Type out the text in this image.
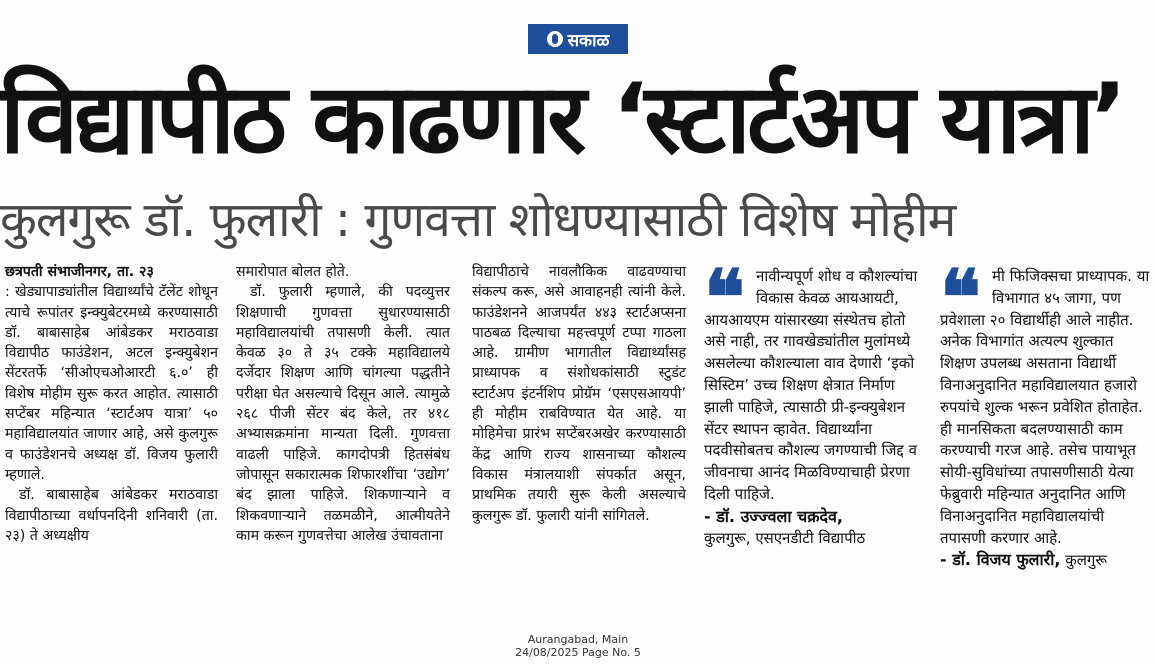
सकाळ
विद्यापीठ काढणार ‘स्टार्टअप यात्रा’
कुलगुरू डॉ. फुलारी : गुणवत्ता शोधण्यासाठी विशेष मोहीम

छत्रपती संभाजीनगर, ता. २३
: खेड्यापाड्यांतील विद्यार्थ्यांचे टॅलेंट शोधून त्याचे रूपांतर इन्क्युबेटरमध्ये करण्यासाठी डॉ. बाबासाहेब आंबेडकर मराठवाडा विद्यापीठ फाउंडेशन, अटल इन्क्युबेशन सेंटरतर्फे ‘सीओएचओआरटी ६.०’ ही विशेष मोहीम सुरू करत आहोत. त्यासाठी सप्टेंबर महिन्यात ‘स्टार्टअप यात्रा’ ५० महाविद्यालयांत जाणार आहे, असे कुलगुरू व फाउंडेशनचे अध्यक्ष डॉ. विजय फुलारी म्हणाले.

डॉ. बाबासाहेब आंबेडकर मराठवाडा विद्यापीठाच्या वर्धापनदिनी शनिवारी (ता. २३) ते अध्यक्षीय

समारोपात बोलत होते.

डॉ. फुलारी म्हणाले, की पदव्युत्तर शिक्षणाची गुणवत्ता सुधारण्यासाठी महाविद्यालयांची तपासणी केली. त्यात केवळ ३० ते ३५ टक्के महाविद्यालये दर्जेदार शिक्षण आणि चांगल्या पद्धतीने परीक्षा घेत असल्याचे दिसून आले. त्यामुळे २६८ पीजी सेंटर बंद केले, तर ४१८ अभ्यासक्रमांना मान्यता दिली. गुणवत्ता वाढली पाहिजे. कागदोपत्री हितसंबंध जोपासून सकारात्मक शिफारशींचा ‘उद्योग’ बंद झाला पाहिजे. शिकणाऱ्याने व शिकवणाऱ्याने तळमळीने, आत्मीयतेने काम करून गुणवत्तेचा आलेख उंचावताना

विद्यापीठाचे नावलौकिक वाढवण्याचा संकल्प करू, असे आवाहनही त्यांनी केले. फाउंडेशनने आजपर्यंत ४४३ स्टार्टअप्सना पाठबळ दिल्याचा महत्त्वपूर्ण टप्पा गाठला आहे. ग्रामीण भागातील विद्यार्थ्यांसह प्राध्यापक व संशोधकांसाठी स्टुडंट स्टार्टअप इंटर्नशिप प्रोग्रॅम ‘एसएसआयपी’ ही मोहीम राबविण्यात येत आहे. या मोहिमेचा प्रारंभ सप्टेंबरअखेर करण्यासाठी केंद्र आणि राज्य शासनाच्या कौशल्य विकास मंत्रालयाशी संपर्कात असून, प्राथमिक तयारी सुरू केली असल्याचे कुलगुरू डॉ. फुलारी यांनी सांगितले.

❝ नावीन्यपूर्ण शोध व कौशल्यांचा विकास केवळ आयआयटी, आयआयएम यांसारख्या संस्थेतच होतो असे नाही, तर गावखेड्यांतील मुलांमध्ये असलेल्या कौशल्याला वाव देणारी ‘इको सिस्टिम’ उच्च शिक्षण क्षेत्रात निर्माण झाली पाहिजे, त्यासाठी प्री-इन्क्युबेशन सेंटर स्थापन व्हावेत. विद्यार्थ्यांना पदवीसोबतच कौशल्य जगण्याची जिद्द व जीवनाचा आनंद मिळविण्याचाही प्रेरणा दिली पाहिजे.
- डॉ. उज्ज्वला चक्रदेव,
कुलगुरू, एसएनडीटी विद्यापीठ
❝ मी फिजिक्सचा प्राध्यापक. या विभागात ४५ जागा, पण प्रवेशाला २० विद्यार्थीही आले नाहीत. अनेक विभागांत अत्यल्प शुल्कात शिक्षण उपलब्ध असताना विद्यार्थी विनाअनुदानित महाविद्यालयात हजारो रुपयांचे शुल्क भरून प्रवेशित होताहेत. ही मानसिकता बदलण्यासाठी काम करण्याची गरज आहे. तसेच पायाभूत सोयी-सुविधांच्या तपासणीसाठी येत्या फेब्रुवारी महिन्यात अनुदानित आणि विनाअनुदानित महाविद्यालयांची तपासणी करणार आहे.
- डॉ. विजय फुलारी, कुलगुरू
Aurangabad, Main
24/08/2025 Page No. 5
